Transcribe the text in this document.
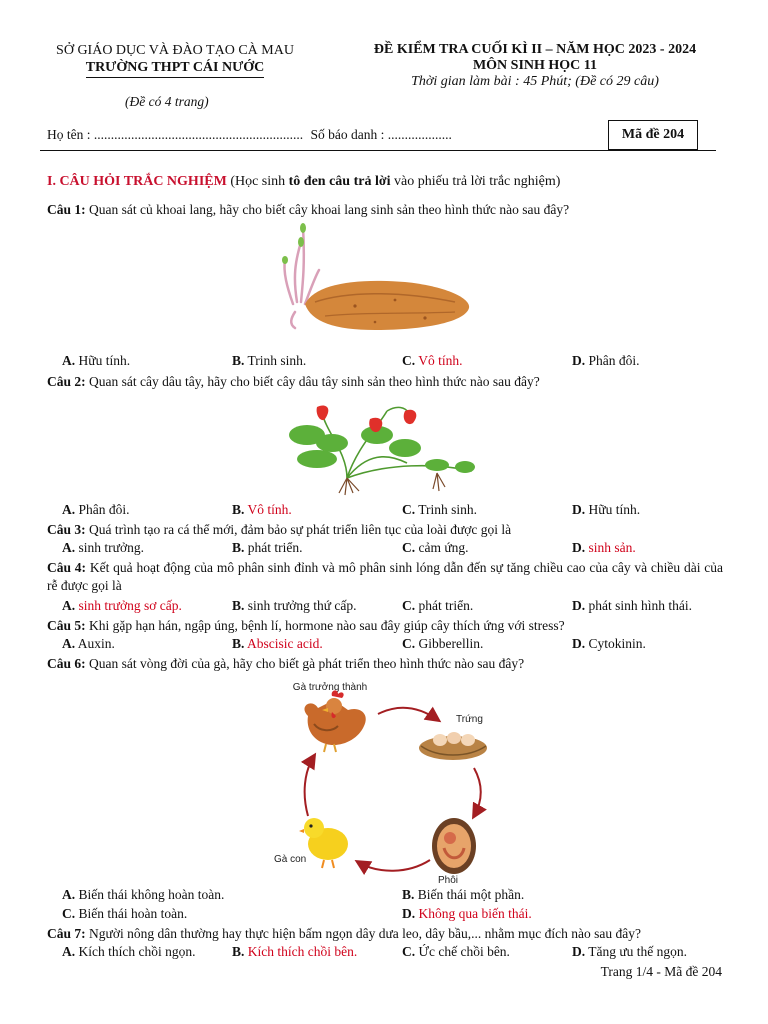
SỞ GIÁO DỤC VÀ ĐÀO TẠO CÀ MAU
TRƯỜNG THPT CÁI NƯỚC
ĐỀ KIỂM TRA CUỐI KÌ II – NĂM HỌC 2023 - 2024
MÔN SINH HỌC 11
Thời gian làm bài : 45 Phút; (Đề có 29 câu)
(Đề có 4 trang)
Họ tên : .............................................................. Số báo danh : ...................	Mã đề 204
I. CÂU HỎI TRẮC NGHIỆM (Học sinh tô đen câu trả lời vào phiếu trả lời trắc nghiệm)
Câu 1: Quan sát củ khoai lang, hãy cho biết cây khoai lang sinh sản theo hình thức nào sau đây?
A. Hữu tính.	B. Trinh sinh.	C. Vô tính.	D. Phân đôi.
Câu 2: Quan sát cây dâu tây, hãy cho biết cây dâu tây sinh sản theo hình thức nào sau đây?
A. Phân đôi.	B. Vô tính.	C. Trinh sinh.	D. Hữu tính.
Câu 3: Quá trình tạo ra cá thể mới, đảm bảo sự phát triển liên tục của loài được gọi là
A. sinh trưởng.	B. phát triển.	C. cảm ứng.	D. sinh sản.
Câu 4: Kết quả hoạt động của mô phân sinh đỉnh và mô phân sinh lóng dẫn đến sự tăng chiều cao của cây và chiều dài của rễ được gọi là
A. sinh trưởng sơ cấp.	B. sinh trưởng thứ cấp.	C. phát triển.	D. phát sinh hình thái.
Câu 5: Khi gặp hạn hán, ngập úng, bệnh lí, hormone nào sau đây giúp cây thích ứng với stress?
A. Auxin.	B. Abscisic acid.	C. Gibberellin.	D. Cytokinin.
Câu 6: Quan sát vòng đời của gà, hãy cho biết gà phát triển theo hình thức nào sau đây?
Gà trưởng thành
Trứng
Phôi
Gà con
A. Biến thái không hoàn toàn.	B. Biến thái một phần.
C. Biến thái hoàn toàn.	D. Không qua biến thái.
Câu 7: Người nông dân thường hay thực hiện bấm ngọn dây dưa leo, dây bầu,... nhằm mục đích nào sau đây?
A. Kích thích chồi ngọn.	B. Kích thích chồi bên.	C. Ức chế chồi bên.	D. Tăng ưu thế ngọn.
Trang 1/4 - Mã đề 204
